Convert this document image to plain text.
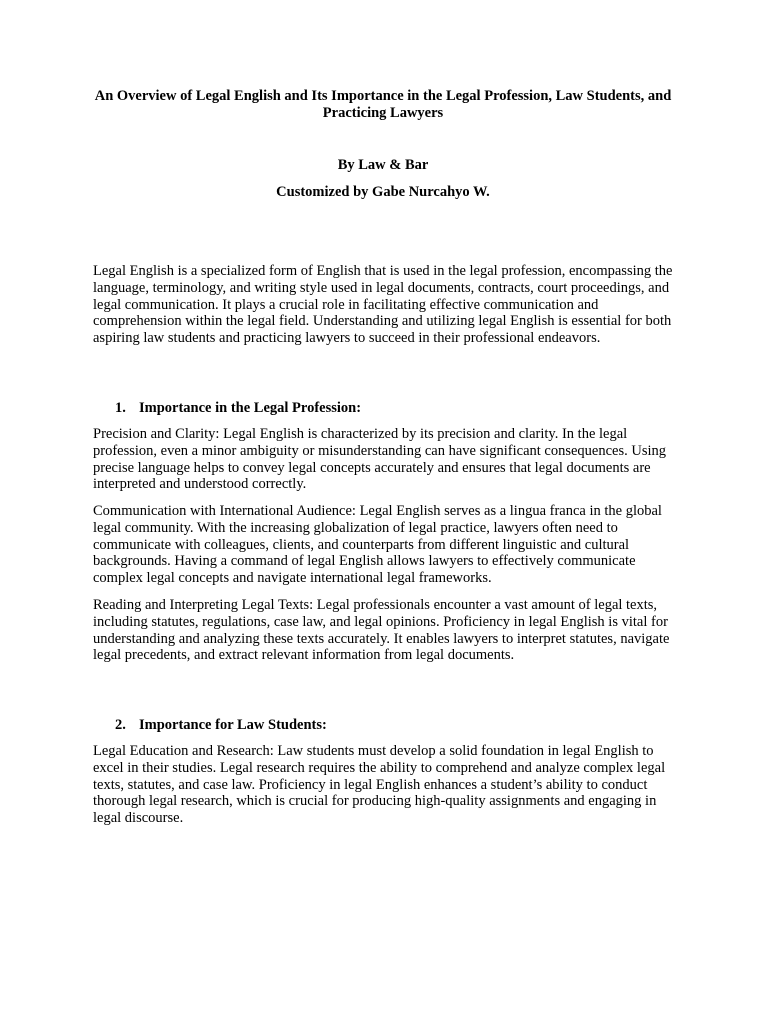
An Overview of Legal English and Its Importance in the Legal Profession, Law Students, and Practicing Lawyers
By Law & Bar
Customized by Gabe Nurcahyo W.

Legal English is a specialized form of English that is used in the legal profession, encompassing the language, terminology, and writing style used in legal documents, contracts, court proceedings, and legal communication. It plays a crucial role in facilitating effective communication and comprehension within the legal field. Understanding and utilizing legal English is essential for both aspiring law students and practicing lawyers to succeed in their professional endeavors.

1. Importance in the Legal Profession:

Precision and Clarity: Legal English is characterized by its precision and clarity. In the legal profession, even a minor ambiguity or misunderstanding can have significant consequences. Using precise language helps to convey legal concepts accurately and ensures that legal documents are interpreted and understood correctly.

Communication with International Audience: Legal English serves as a lingua franca in the global legal community. With the increasing globalization of legal practice, lawyers often need to communicate with colleagues, clients, and counterparts from different linguistic and cultural backgrounds. Having a command of legal English allows lawyers to effectively communicate complex legal concepts and navigate international legal frameworks.

Reading and Interpreting Legal Texts: Legal professionals encounter a vast amount of legal texts, including statutes, regulations, case law, and legal opinions. Proficiency in legal English is vital for understanding and analyzing these texts accurately. It enables lawyers to interpret statutes, navigate legal precedents, and extract relevant information from legal documents.

2. Importance for Law Students:

Legal Education and Research: Law students must develop a solid foundation in legal English to excel in their studies. Legal research requires the ability to comprehend and analyze complex legal texts, statutes, and case law. Proficiency in legal English enhances a student’s ability to conduct thorough legal research, which is crucial for producing high-quality assignments and engaging in legal discourse.
